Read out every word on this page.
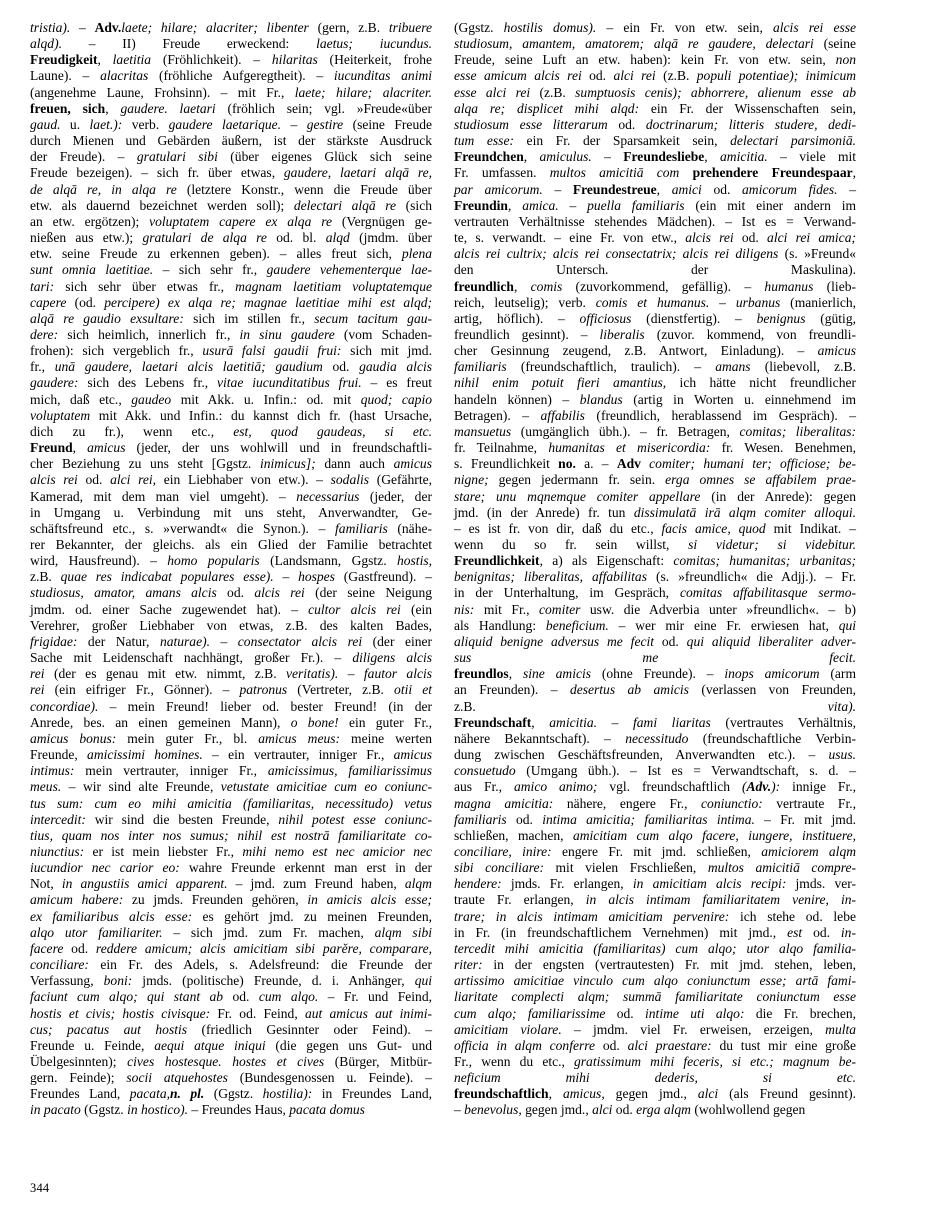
tristia). – Adv.laete; hilare; alacriter; libenter (gern, z.B. tribuere
alqd). – II) Freude erweckend: laetus; iucundus.
Freudigkeit, laetitia (Fröhlichkeit). – hilaritas (Heiterkeit, frohe
Laune). – alacritas (fröhliche Aufgeregtheit). – iucunditas animi
(angenehme Laune, Frohsinn). – mit Fr., laete; hilare; alacriter.
freuen, sich, gaudere. laetari (fröhlich sein; vgl. »Freude«über
gaud. u. laet.): verb. gaudere laetarique. – gestire (seine Freude
durch Mienen und Gebärden äußern, ist der stärkste Ausdruck
der Freude). – gratulari sibi (über eigenes Glück sich seine
Freude bezeigen). – sich fr. über etwas, gaudere, laetari alqā re,
de alqā re, in alqa re (letztere Konstr., wenn die Freude über
etw. als dauernd bezeichnet werden soll); delectari alqā re (sich
an etw. ergötzen); voluptatem capere ex alqa re (Vergnügen ge-
nießen aus etw.); gratulari de alqa re od. bl. alqd (jmdm. über
etw. seine Freude zu erkennen geben). – alles freut sich, plena
sunt omnia laetitiae. – sich sehr fr., gaudere vehementerque lae-
tari: sich sehr über etwas fr., magnam laetitiam voluptatemque
capere (od. percipere) ex alqa re; magnae laetitiae mihi est alqd;
alqā re gaudio exsultare: sich im stillen fr., secum tacitum gau-
dere: sich heimlich, innerlich fr., in sinu gaudere (vom Schaden-
frohen): sich vergeblich fr., usurā falsi gaudii frui: sich mit jmd.
fr., unā gaudere, laetari alcis laetitiā; gaudium od. gaudia alcis
gaudere: sich des Lebens fr., vitae iucunditatibus frui. – es freut
mich, daß etc., gaudeo mit Akk. u. Infin.: od. mit quod; capio
voluptatem mit Akk. und Infin.: du kannst dich fr. (hast Ursache,
dich zu fr.), wenn etc., est, quod gaudeas, si etc.
Freund, amicus (jeder, der uns wohlwill und in freundschaftli-
cher Beziehung zu uns steht [Ggstz. inimicus]; dann auch amicus
alcis rei od. alci rei, ein Liebhaber von etw.). – sodalis (Gefährte,
Kamerad, mit dem man viel umgeht). – necessarius (jeder, der
in Umgang u. Verbindung mit uns steht, Anverwandter, Ge-
schäftsfreund etc., s. »verwandt« die Synon.). – familiaris (nähe-
rer Bekannter, der gleichs. als ein Glied der Familie betrachtet
wird, Hausfreund). – homo popularis (Landsmann, Ggstz. hostis,
z.B. quae res indicabat populares esse). – hospes (Gastfreund). –
studiosus, amator, amans alcis od. alcis rei (der seine Neigung
jmdm. od. einer Sache zugewendet hat). – cultor alcis rei (ein
Verehrer, großer Liebhaber von etwas, z.B. des kalten Bades,
frigidae: der Natur, naturae). – consectator alcis rei (der einer
Sache mit Leidenschaft nachhängt, großer Fr.). – diligens alcis
rei (der es genau mit etw. nimmt, z.B. veritatis). – fautor alcis
rei (ein eifriger Fr., Gönner). – patronus (Vertreter, z.B. otii et
concordiae). – mein Freund! lieber od. bester Freund! (in der
Anrede, bes. an einen gemeinen Mann), o bone! ein guter Fr.,
amicus bonus: mein guter Fr., bl. amicus meus: meine werten
Freunde, amicissimi homines. – ein vertrauter, inniger Fr., amicus
intimus: mein vertrauter, inniger Fr., amicissimus, familiarissimus
meus. – wir sind alte Freunde, vetustate amicitiae cum eo coniunc-
tus sum: cum eo mihi amicitia (familiaritas, necessitudo) vetus
intercedit: wir sind die besten Freunde, nihil potest esse coniunc-
tius, quam nos inter nos sumus; nihil est nostrā familiaritate co-
niunctius: er ist mein liebster Fr., mihi nemo est nec amicior nec
iucundior nec carior eo: wahre Freunde erkennt man erst in der
Not, in angustiis amici apparent. – jmd. zum Freund haben, alqm
amicum habere: zu jmds. Freunden gehören, in amicis alcis esse;
ex familiaribus alcis esse: es gehört jmd. zu meinen Freunden,
alqo utor familiariter. – sich jmd. zum Fr. machen, alqm sibi
facere od. reddere amicum; alcis amicitiam sibi parĕre, comparare,
conciliare: ein Fr. des Adels, s. Adelsfreund: die Freunde der
Verfassung, boni: jmds. (politische) Freunde, d. i. Anhänger, qui
faciunt cum alqo; qui stant ab od. cum alqo. – Fr. und Feind,
hostis et civis; hostis civisque: Fr. od. Feind, aut amicus aut inimi-
cus; pacatus aut hostis (friedlich Gesinnter oder Feind). –
Freunde u. Feinde, aequi atque iniqui (die gegen uns Gut- und
Übelgesinnten); cives hostesque. hostes et cives (Bürger, Mitbür-
gern. Feinde); socii atquehostes (Bundesgenossen u. Feinde). –
Freundes Land, pacata,n. pl. (Ggstz. hostilia): in Freundes Land,
in pacato (Ggstz. in hostico). – Freundes Haus, pacata domus

(Ggstz. hostilis domus). – ein Fr. von etw. sein, alcis rei esse
studiosum, amantem, amatorem; alqā re gaudere, delectari (seine
Freude, seine Luft an etw. haben): kein Fr. von etw. sein, non
esse amicum alcis rei od. alci rei (z.B. populi potentiae); inimicum
esse alci rei (z.B. sumptuosis cenis); abhorrere, alienum esse ab
alqa re; displicet mihi alqd: ein Fr. der Wissenschaften sein,
studiosum esse litterarum od. doctrinarum; litteris studere, dedi-
tum esse: ein Fr. der Sparsamkeit sein, delectari parsimoniā.
Freundchen, amiculus. – Freundesliebe, amicitia. – viele mit
Fr. umfassen. multos amicitiā com prehendere Freundespaar,
par amicorum. – Freundestreue, amici od. amicorum fides. –
Freundin, amica. – puella familiaris (ein mit einer andern im
vertrauten Verhältnisse stehendes Mädchen). – Ist es = Verwand-
te, s. verwandt. – eine Fr. von etw., alcis rei od. alci rei amica;
alcis rei cultrix; alcis rei consectatrix; alcis rei diligens (s. »Freund«
den Untersch. der Maskulina).
freundlich, comis (zuvorkommend, gefällig). – humanus (lieb-
reich, leutselig); verb. comis et humanus. – urbanus (manierlich,
artig, höflich). – officiosus (dienstfertig). – benignus (gütig,
freundlich gesinnt). – liberalis (zuvor. kommend, von freundli-
cher Gesinnung zeugend, z.B. Antwort, Einladung). – amicus
familiaris (freundschaftlich, traulich). – amans (liebevoll, z.B.
nihil enim potuit fieri amantius, ich hätte nicht freundlicher
handeln können) – blandus (artig in Worten u. einnehmend im
Betragen). – affabilis (freundlich, herablassend im Gespräch). –
mansuetus (umgänglich übh.). – fr. Betragen, comitas; liberalitas:
fr. Teilnahme, humanitas et misericordia: fr. Wesen. Benehmen,
s. Freundlichkeit no. a. – Adv comiter; humani ter; officiose; be-
nigne; gegen jedermann fr. sein. erga omnes se affabilem prae-
stare; unu mqnemque comiter appellare (in der Anrede): gegen
jmd. (in der Anrede) fr. tun dissimulatā irā alqm comiter alloqui.
– es ist fr. von dir, daß du etc., facis amice, quod mit Indikat. –
wenn du so fr. sein willst, si videtur; si videbitur.
Freundlichkeit, a) als Eigenschaft: comitas; humanitas; urbanitas;
benignitas; liberalitas, affabilitas (s. »freundlich« die Adjj.). – Fr.
in der Unterhaltung, im Gespräch, comitas affabilitasque sermo-
nis: mit Fr., comiter usw. die Adverbia unter »freundlich«. – b)
als Handlung: beneficium. – wer mir eine Fr. erwiesen hat, qui
aliquid benigne adversus me fecit od. qui aliquid liberaliter adver-
sus me fecit.
freundlos, sine amicis (ohne Freunde). – inops amicorum (arm
an Freunden). – desertus ab amicis (verlassen von Freunden,
z.B. vita).
Freundschaft, amicitia. – fami liaritas (vertrautes Verhältnis,
nähere Bekanntschaft). – necessitudo (freundschaftliche Verbin-
dung zwischen Geschäftsfreunden, Anverwandten etc.). – usus.
consuetudo (Umgang übh.). – Ist es = Verwandtschaft, s. d. –
aus Fr., amico animo; vgl. freundschaftlich (Adv.): innige Fr.,
magna amicitia: nähere, engere Fr., coniunctio: vertraute Fr.,
familiaris od. intima amicitia; familiaritas intima. – Fr. mit jmd.
schließen, machen, amicitiam cum alqo facere, iungere, instituere,
conciliare, inire: engere Fr. mit jmd. schließen, amiciorem alqm
sibi conciliare: mit vielen Frschließen, multos amicitiā compre-
hendere: jmds. Fr. erlangen, in amicitiam alcis recipi: jmds. ver-
traute Fr. erlangen, in alcis intimam familiaritatem venire, in-
trare; in alcis intimam amicitiam pervenire: ich stehe od. lebe
in Fr. (in freundschaftlichem Vernehmen) mit jmd., est od. in-
tercedit mihi amicitia (familiaritas) cum alqo; utor alqo familia-
riter: in der engsten (vertrautesten) Fr. mit jmd. stehen, leben,
artissimo amicitiae vinculo cum alqo coniunctum esse; artā fami-
liaritate complecti alqm; summā familiaritate coniunctum esse
cum alqo; familiarissime od. intime uti alqo: die Fr. brechen,
amicitiam violare. – jmdm. viel Fr. erweisen, erzeigen, multa
officia in alqm conferre od. alci praestare: du tust mir eine große
Fr., wenn du etc., gratissimum mihi feceris, si etc.; magnum be-
neficium mihi dederis, si etc.
freundschaftlich, amicus, gegen jmd., alci (als Freund gesinnt).
– benevolus, gegen jmd., alci od. erga alqm (wohlwollend gegen

344
